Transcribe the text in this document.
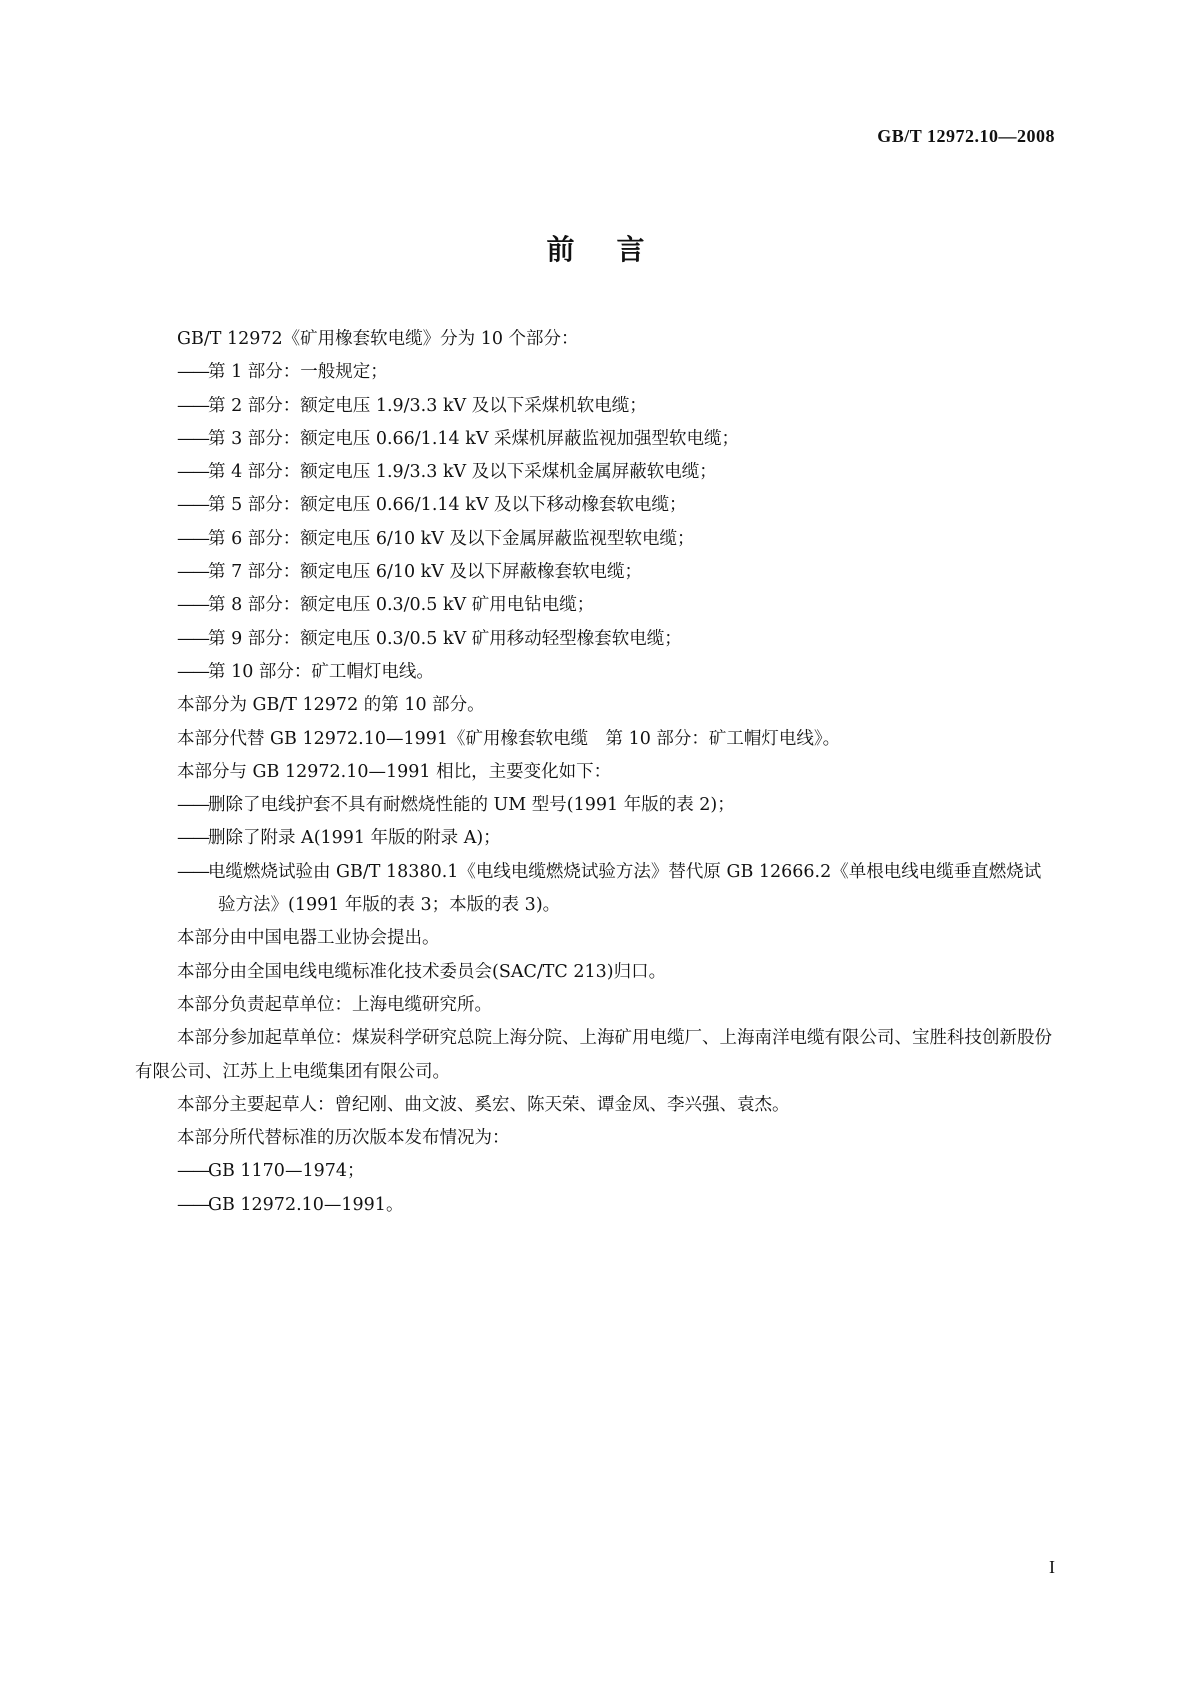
GB/T 12972.10—2008
前言

GB/T 12972《矿用橡套软电缆》分为 10 个部分：

——第 1 部分：一般规定；

——第 2 部分：额定电压 1.9/3.3 kV 及以下采煤机软电缆；

——第 3 部分：额定电压 0.66/1.14 kV 采煤机屏蔽监视加强型软电缆；

——第 4 部分：额定电压 1.9/3.3 kV 及以下采煤机金属屏蔽软电缆；

——第 5 部分：额定电压 0.66/1.14 kV 及以下移动橡套软电缆；

——第 6 部分：额定电压 6/10 kV 及以下金属屏蔽监视型软电缆；

——第 7 部分：额定电压 6/10 kV 及以下屏蔽橡套软电缆；

——第 8 部分：额定电压 0.3/0.5 kV 矿用电钻电缆；

——第 9 部分：额定电压 0.3/0.5 kV 矿用移动轻型橡套软电缆；

——第 10 部分：矿工帽灯电线。

本部分为 GB/T 12972 的第 10 部分。

本部分代替 GB 12972.10—1991《矿用橡套软电缆　第 10 部分：矿工帽灯电线》。

本部分与 GB 12972.10—1991 相比，主要变化如下：

——删除了电线护套不具有耐燃烧性能的 UM 型号(1991 年版的表 2)；

——删除了附录 A(1991 年版的附录 A)；

——电缆燃烧试验由 GB/T 18380.1《电线电缆燃烧试验方法》替代原 GB 12666.2《单根电线电缆垂直燃烧试验方法》(1991 年版的表 3；本版的表 3)。

本部分由中国电器工业协会提出。

本部分由全国电线电缆标准化技术委员会(SAC/TC 213)归口。

本部分负责起草单位：上海电缆研究所。

本部分参加起草单位：煤炭科学研究总院上海分院、上海矿用电缆厂、上海南洋电缆有限公司、宝胜科技创新股份有限公司、江苏上上电缆集团有限公司。

本部分主要起草人：曾纪刚、曲文波、奚宏、陈天荣、谭金凤、李兴强、袁杰。

本部分所代替标准的历次版本发布情况为：

——GB 1170—1974；

——GB 12972.10—1991。

I
